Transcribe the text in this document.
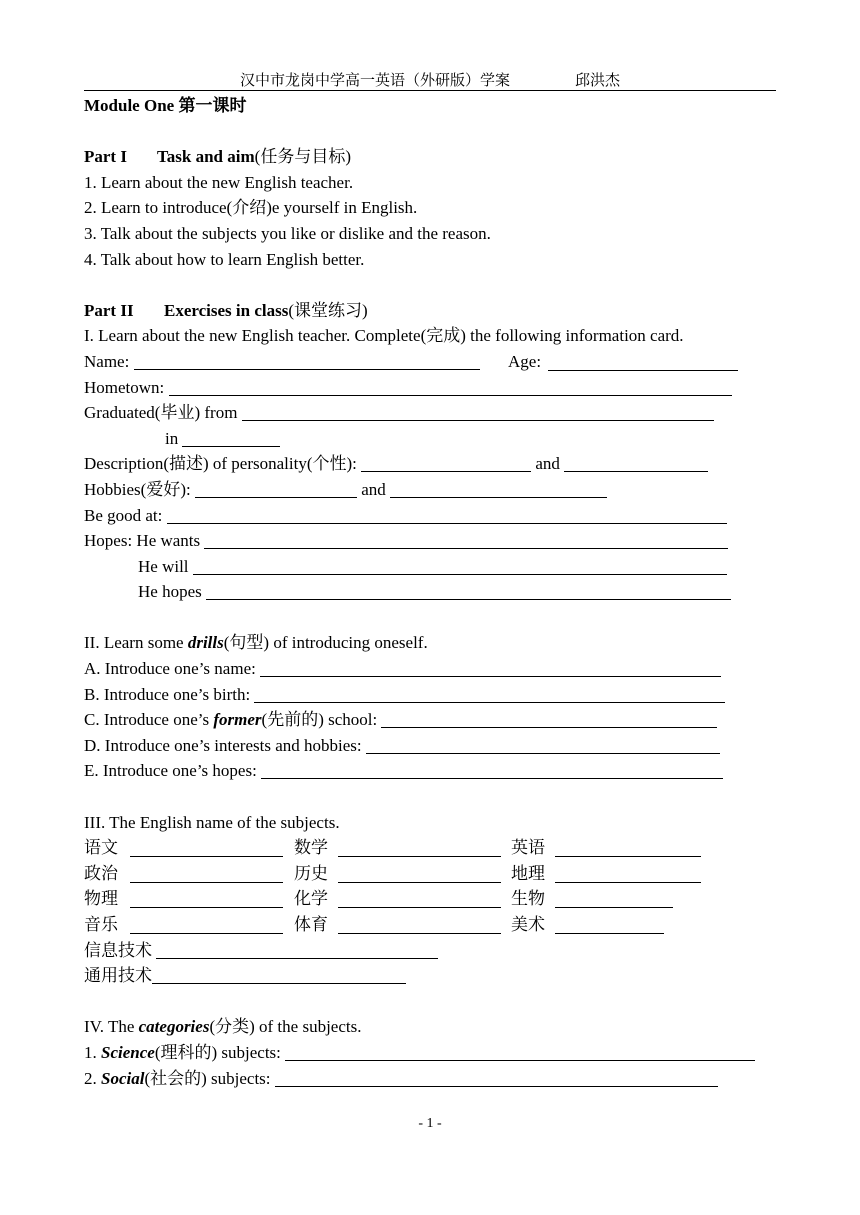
汉中市龙岗中学高一英语（外研版）学案	邱洪杰
Module One 第一课时
Part I Task and aim(任务与目标)
1. Learn about the new English teacher.
2. Learn to introduce(介绍)e yourself in English.
3. Talk about the subjects you like or dislike and the reason.
4. Talk about how to learn English better.
Part II Exercises in class(课堂练习)
I. Learn about the new English teacher. Complete(完成) the following information card.
Name:	Age:
Hometown:
Graduated(毕业) from
in
Description(描述) of personality(个性):	and
Hobbies(爱好):	and
Be good at:
Hopes: He wants
He will
He hopes
II. Learn some drills(句型) of introducing oneself.
A. Introduce one’s name:
B. Introduce one’s birth:
C. Introduce one’s former(先前的) school:
D. Introduce one’s interests and hobbies:
E. Introduce one’s hopes:
III. The English name of the subjects.
语文	数学	英语
政治	历史	地理
物理	化学	生物
音乐	体育	美术
信息技术
通用技术
IV. The categories(分类) of the subjects.
1. Science(理科的) subjects:
2. Social(社会的) subjects:
- 1 -
